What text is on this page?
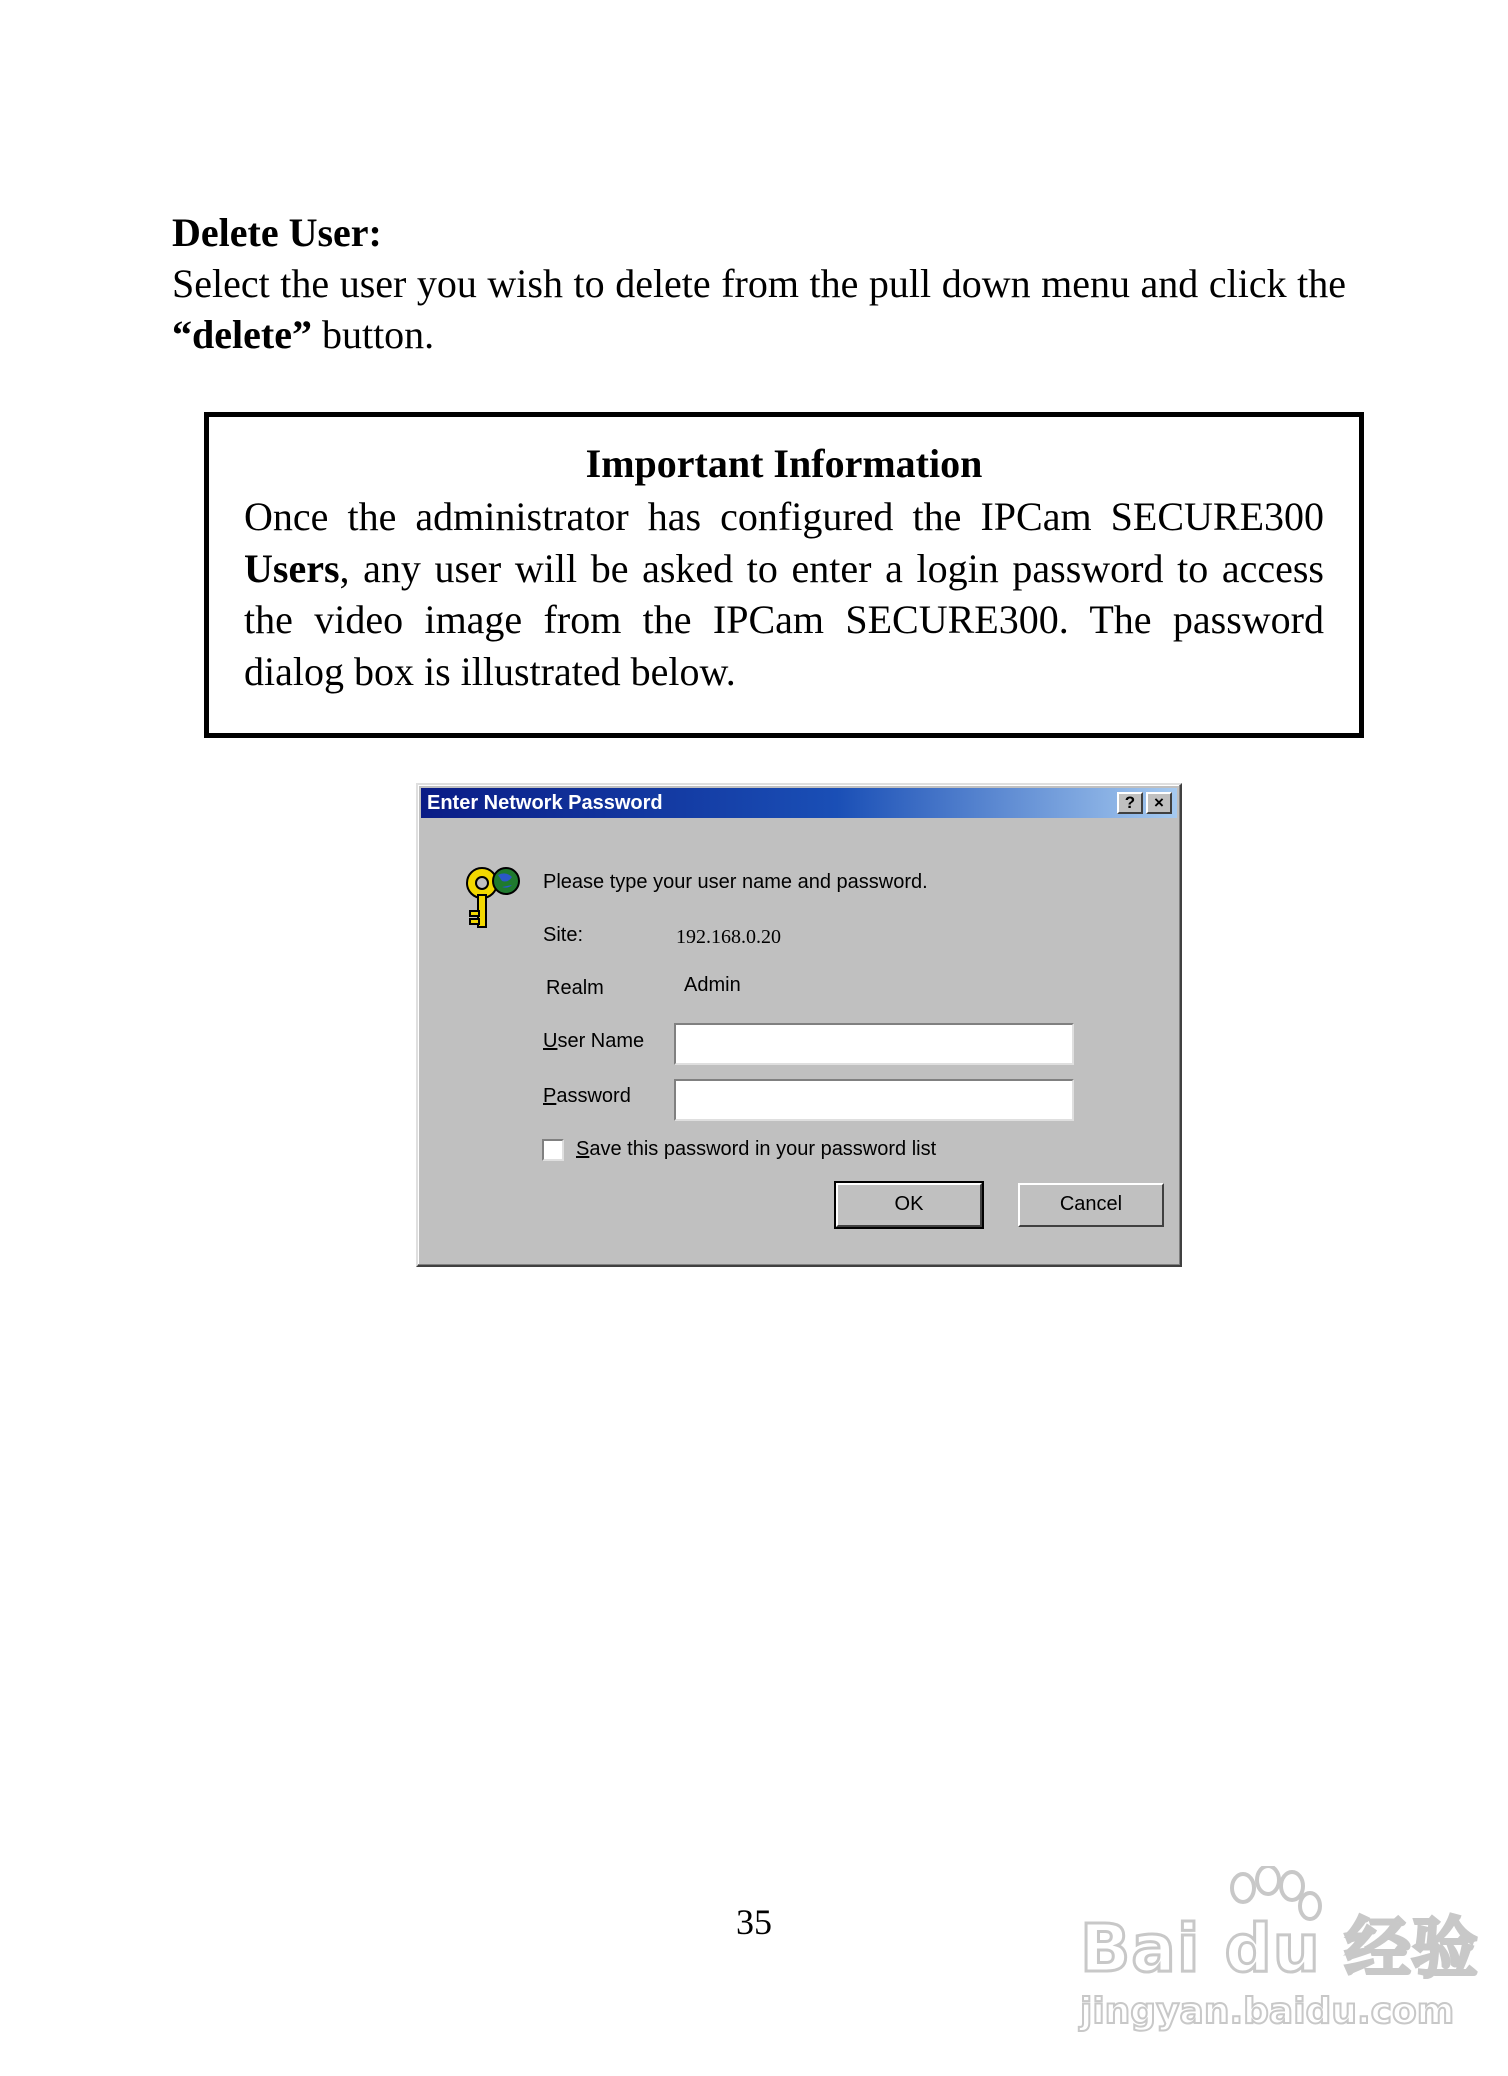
Delete User:

Select the user you wish to delete from the pull down menu and click the “delete” button.

Important Information

Once the administrator has configured the IPCam SECURE300 Users, any user will be asked to enter a login password to access the video image from the IPCam SECURE300. The password dialog box is illustrated below.

Enter Network Password	?	×
Please type your user name and password.
Site:	192.168.0.20
Realm	Admin
User Name
Password
Save this password in your password list
OK	Cancel

35	Bai du 经验
jingyan.baidu.com
